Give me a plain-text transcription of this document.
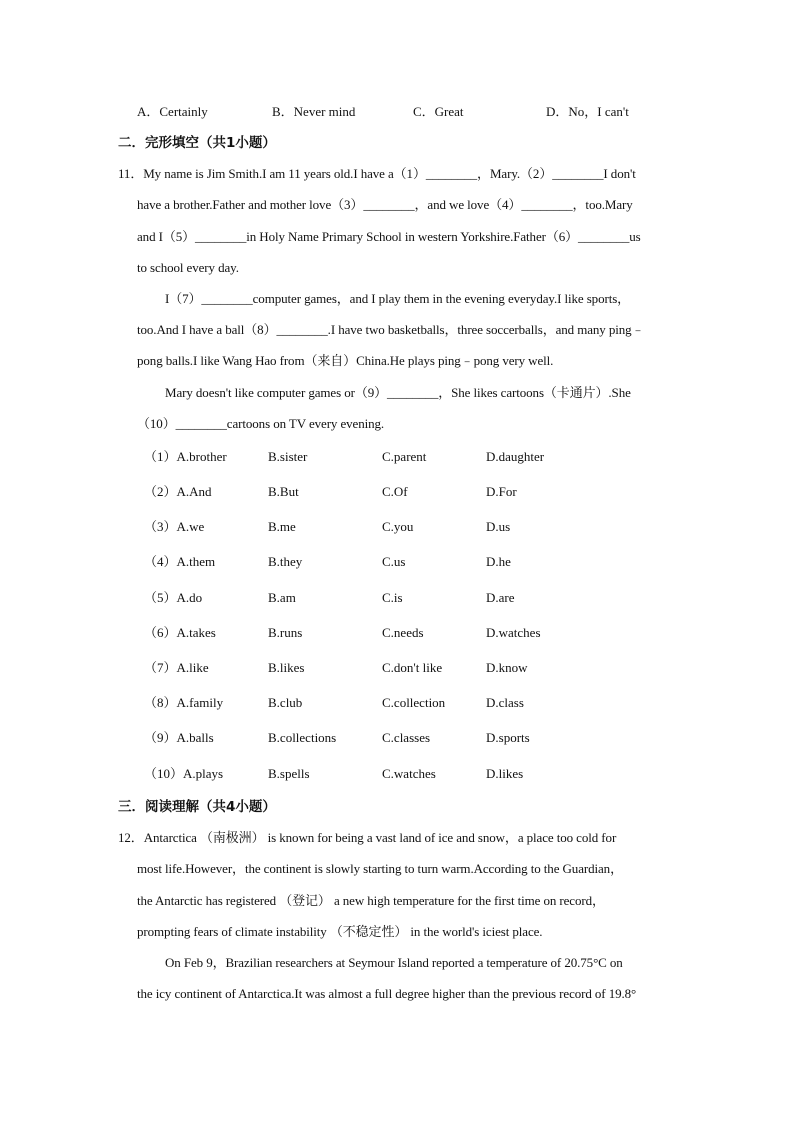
A．Certainly	B．Never mind	C．Great	D．No，I can't
二．完形填空（共1小题）
11．My name is Jim Smith.I am 11 years old.I have a（1）________，Mary.（2）________I don't
have a brother.Father and mother love（3）________，and we love（4）________，too.Mary
and I（5）________in Holy Name Primary School in western Yorkshire.Father（6）________us
to school every day.
I（7）________computer games，and I play them in the evening everyday.I like sports，
too.And I have a ball（8）________.I have two basketballs，three soccerballs，and many ping﹣
pong balls.I like Wang Hao from（来自）China.He plays ping﹣pong very well.
Mary doesn't like computer games or（9）________，She likes cartoons（卡通片）.She
（10）________cartoons on TV every evening.
（1）A.brother	B.sister	C.parent	D.daughter
（2）A.And	B.But	C.Of	D.For
（3）A.we	B.me	C.you	D.us
（4）A.them	B.they	C.us	D.he
（5）A.do	B.am	C.is	D.are
（6）A.takes	B.runs	C.needs	D.watches
（7）A.like	B.likes	C.don't like	D.know
（8）A.family	B.club	C.collection	D.class
（9）A.balls	B.collections	C.classes	D.sports
（10）A.plays	B.spells	C.watches	D.likes
三．阅读理解（共4小题）
12．Antarctica （南极洲） is known for being a vast land of ice and snow，a place too cold for
most life.However，the continent is slowly starting to turn warm.According to the Guardian，
the Antarctic has registered （登记） a new high temperature for the first time on record，
prompting fears of climate instability （不稳定性） in the world's iciest place.
On Feb 9，Brazilian researchers at Seymour Island reported a temperature of 20.75°C on
the icy continent of Antarctica.It was almost a full degree higher than the previous record of 19.8°
